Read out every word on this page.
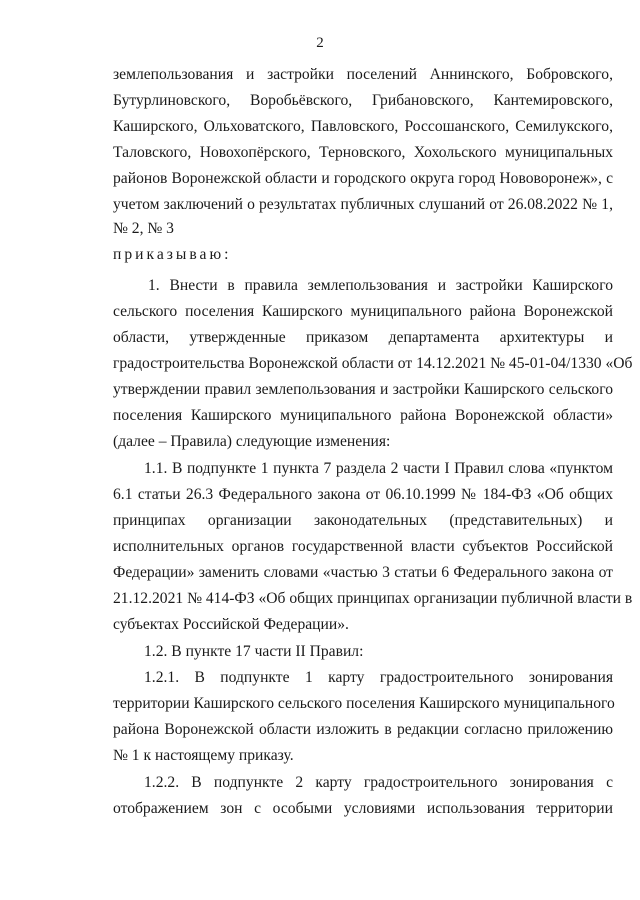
2
землепользования и застройки поселений Аннинского, Бобровского,
Бутурлиновского, Воробьёвского, Грибановского, Кантемировского,
Каширского, Ольховатского, Павловского, Россошанского, Семилукского,
Таловского, Новохопёрского, Терновского, Хохольского муниципальных
районов Воронежской области и городского округа город Нововоронеж», с
учетом заключений о результатах публичных слушаний от 26.08.2022 № 1,
№ 2, № 3
приказываю:
1. Внести в правила землепользования и застройки Каширского
сельского поселения Каширского муниципального района Воронежской
области, утвержденные приказом департамента архитектуры и
градостроительства Воронежской области от 14.12.2021 № 45-01-04/1330 «Об
утверждении правил землепользования и застройки Каширского сельского
поселения Каширского муниципального района Воронежской области»
(далее – Правила) следующие изменения:
1.1. В подпункте 1 пункта 7 раздела 2 части I Правил слова «пунктом
6.1 статьи 26.3 Федерального закона от 06.10.1999 № 184-ФЗ «Об общих
принципах организации законодательных (представительных) и
исполнительных органов государственной власти субъектов Российской
Федерации» заменить словами «частью 3 статьи 6 Федерального закона от
21.12.2021 № 414-ФЗ «Об общих принципах организации публичной власти в
субъектах Российской Федерации».
1.2. В пункте 17 части II Правил:
1.2.1. В подпункте 1 карту градостроительного зонирования
территории Каширского сельского поселения Каширского муниципального
района Воронежской области изложить в редакции согласно приложению
№ 1 к настоящему приказу.
1.2.2. В подпункте 2 карту градостроительного зонирования с
отображением зон с особыми условиями использования территории
